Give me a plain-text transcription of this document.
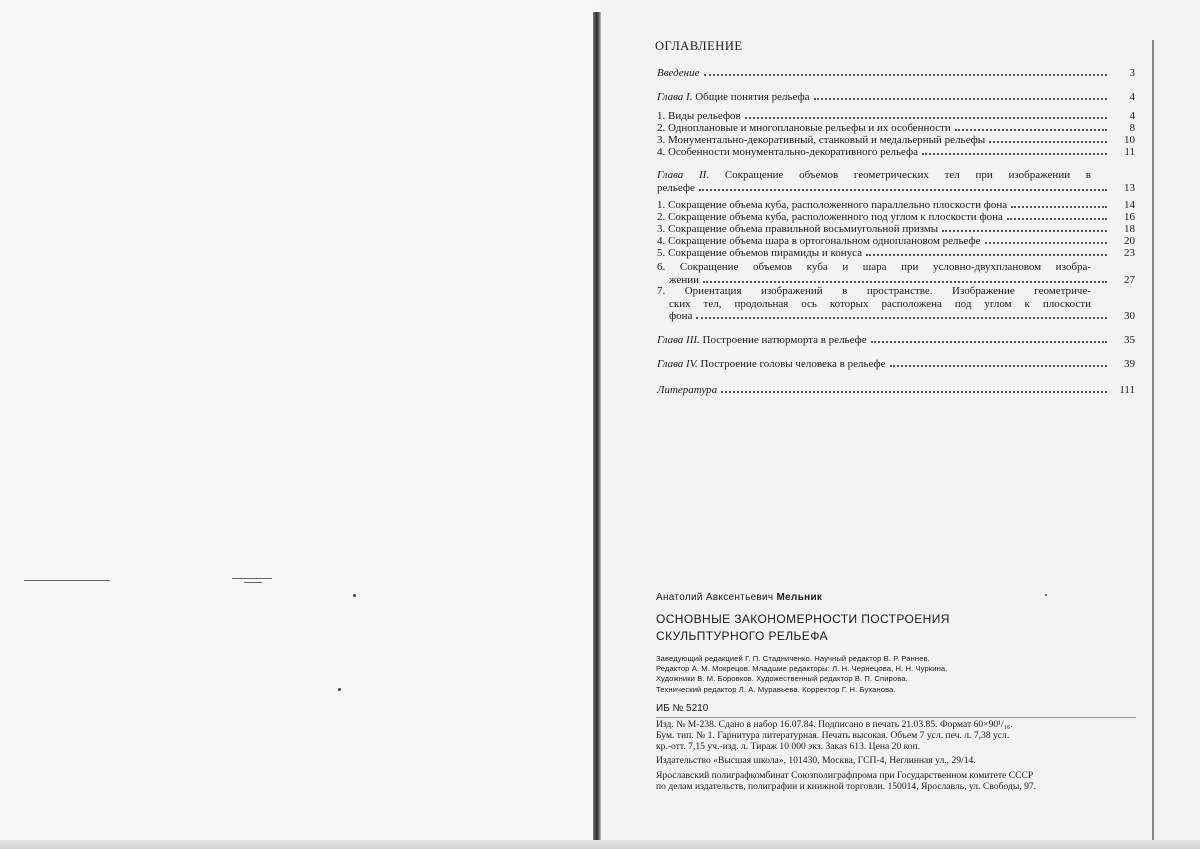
ОГЛАВЛЕНИЕ
Введение	3
Глава I. Общие понятия рельефа	4
1. Виды рельефов	4
2. Одноплановые и многоплановые рельефы и их особенности	8
3. Монументально-декоративный, станковый и медальерный рельефы	10
4. Особенности монументально-декоративного рельефа	11
Глава II. Сокращение объемов геометрических тел при изображении в
рельефе	13
1. Сокращение объема куба, расположенного параллельно плоскости фона	14
2. Сокращение объема куба, расположенного под углом к плоскости фона	16
3. Сокращение объема правильной восьмиугольной призмы	18
4. Сокращение объема шара в ортогональном одноплановом рельефе	20
5. Сокращение объемов пирамиды и конуса	23
6. Сокращение объемов куба и шара при условно-двухплановом изобра-
жении	27
7. Ориентация изображений в пространстве. Изображение геометриче-
ских тел, продольная ось которых расположена под углом к плоскости
фона	30
Глава III. Построение натюрморта в рельефе	35
Глава IV. Построение головы человека в рельефе	39
Литература	111
Анатолий Авксентьевич Мельник
ОСНОВНЫЕ ЗАКОНОМЕРНОСТИ ПОСТРОЕНИЯ
СКУЛЬПТУРНОГО РЕЛЬЕФА
Заведующий редакцией Г. П. Стадниченко. Научный редактор В. Р. Раннев.
Редактор А. М. Мокрецов. Младшие редакторы: Л. Н. Чернецова, Н. Н. Чуркина.
Художники В. М. Боровков. Художественный редактор В. П. Спирова.
Технический редактор Л. А. Муравьева. Корректор Г. Н. Буханова.
ИБ № 5210

Изд. № М-238. Сдано в набор 16.07.84. Подписано в печать 21.03.85. Формат 60×90¹/₁₆.

Бум. тип. № 1. Гарнитура литературная. Печать высокая. Объем 7 усл. печ. л. 7,38 усл.

кр.-отт. 7,15 уч.-изд. л. Тираж 10 000 экз. Заказ 613. Цена 20 коп.

Издательство «Высшая школа», 101430, Москва, ГСП-4, Неглинная ул., 29/14.

Ярославский полиграфкомбинат Союзполиграфпрома при Государственном комитете СССР

по делам издательств, полиграфии и книжной торговли. 150014, Ярославль, ул. Свободы, 97.
